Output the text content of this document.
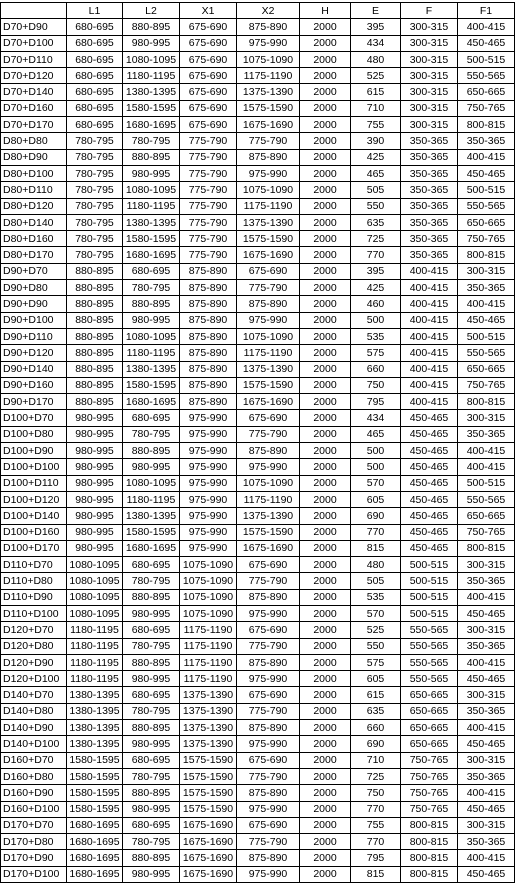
	L1	L2	X1	X2	H	E	F	F1
D70+D90	680-695	880-895	675-690	875-890	2000	395	300-315	400-415
D70+D100	680-695	980-995	675-690	975-990	2000	434	300-315	450-465
D70+D110	680-695	1080-1095	675-690	1075-1090	2000	480	300-315	500-515
D70+D120	680-695	1180-1195	675-690	1175-1190	2000	525	300-315	550-565
D70+D140	680-695	1380-1395	675-690	1375-1390	2000	615	300-315	650-665
D70+D160	680-695	1580-1595	675-690	1575-1590	2000	710	300-315	750-765
D70+D170	680-695	1680-1695	675-690	1675-1690	2000	755	300-315	800-815
D80+D80	780-795	780-795	775-790	775-790	2000	390	350-365	350-365
D80+D90	780-795	880-895	775-790	875-890	2000	425	350-365	400-415
D80+D100	780-795	980-995	775-790	975-990	2000	465	350-365	450-465
D80+D110	780-795	1080-1095	775-790	1075-1090	2000	505	350-365	500-515
D80+D120	780-795	1180-1195	775-790	1175-1190	2000	550	350-365	550-565
D80+D140	780-795	1380-1395	775-790	1375-1390	2000	635	350-365	650-665
D80+D160	780-795	1580-1595	775-790	1575-1590	2000	725	350-365	750-765
D80+D170	780-795	1680-1695	775-790	1675-1690	2000	770	350-365	800-815
D90+D70	880-895	680-695	875-890	675-690	2000	395	400-415	300-315
D90+D80	880-895	780-795	875-890	775-790	2000	425	400-415	350-365
D90+D90	880-895	880-895	875-890	875-890	2000	460	400-415	400-415
D90+D100	880-895	980-995	875-890	975-990	2000	500	400-415	450-465
D90+D110	880-895	1080-1095	875-890	1075-1090	2000	535	400-415	500-515
D90+D120	880-895	1180-1195	875-890	1175-1190	2000	575	400-415	550-565
D90+D140	880-895	1380-1395	875-890	1375-1390	2000	660	400-415	650-665
D90+D160	880-895	1580-1595	875-890	1575-1590	2000	750	400-415	750-765
D90+D170	880-895	1680-1695	875-890	1675-1690	2000	795	400-415	800-815
D100+D70	980-995	680-695	975-990	675-690	2000	434	450-465	300-315
D100+D80	980-995	780-795	975-990	775-790	2000	465	450-465	350-365
D100+D90	980-995	880-895	975-990	875-890	2000	500	450-465	400-415
D100+D100	980-995	980-995	975-990	975-990	2000	500	450-465	400-415
D100+D110	980-995	1080-1095	975-990	1075-1090	2000	570	450-465	500-515
D100+D120	980-995	1180-1195	975-990	1175-1190	2000	605	450-465	550-565
D100+D140	980-995	1380-1395	975-990	1375-1390	2000	690	450-465	650-665
D100+D160	980-995	1580-1595	975-990	1575-1590	2000	770	450-465	750-765
D100+D170	980-995	1680-1695	975-990	1675-1690	2000	815	450-465	800-815
D110+D70	1080-1095	680-695	1075-1090	675-690	2000	480	500-515	300-315
D110+D80	1080-1095	780-795	1075-1090	775-790	2000	505	500-515	350-365
D110+D90	1080-1095	880-895	1075-1090	875-890	2000	535	500-515	400-415
D110+D100	1080-1095	980-995	1075-1090	975-990	2000	570	500-515	450-465
D120+D70	1180-1195	680-695	1175-1190	675-690	2000	525	550-565	300-315
D120+D80	1180-1195	780-795	1175-1190	775-790	2000	550	550-565	350-365
D120+D90	1180-1195	880-895	1175-1190	875-890	2000	575	550-565	400-415
D120+D100	1180-1195	980-995	1175-1190	975-990	2000	605	550-565	450-465
D140+D70	1380-1395	680-695	1375-1390	675-690	2000	615	650-665	300-315
D140+D80	1380-1395	780-795	1375-1390	775-790	2000	635	650-665	350-365
D140+D90	1380-1395	880-895	1375-1390	875-890	2000	660	650-665	400-415
D140+D100	1380-1395	980-995	1375-1390	975-990	2000	690	650-665	450-465
D160+D70	1580-1595	680-695	1575-1590	675-690	2000	710	750-765	300-315
D160+D80	1580-1595	780-795	1575-1590	775-790	2000	725	750-765	350-365
D160+D90	1580-1595	880-895	1575-1590	875-890	2000	750	750-765	400-415
D160+D100	1580-1595	980-995	1575-1590	975-990	2000	770	750-765	450-465
D170+D70	1680-1695	680-695	1675-1690	675-690	2000	755	800-815	300-315
D170+D80	1680-1695	780-795	1675-1690	775-790	2000	770	800-815	350-365
D170+D90	1680-1695	880-895	1675-1690	875-890	2000	795	800-815	400-415
D170+D100	1680-1695	980-995	1675-1690	975-990	2000	815	800-815	450-465
